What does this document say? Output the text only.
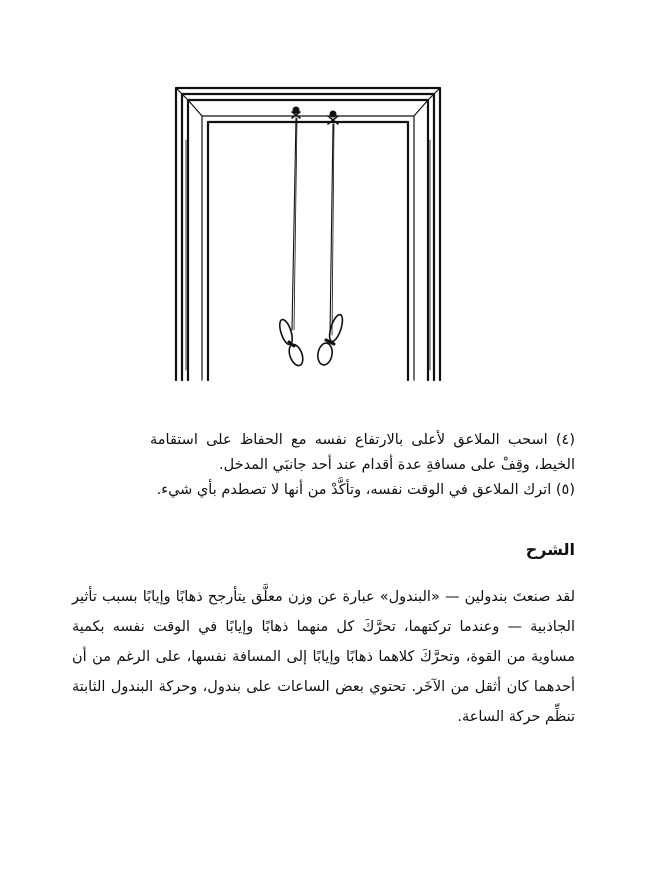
(٤) اسحب الملاعق لأعلى بالارتفاع نفسه مع الحفاظ على استقامة الخيط، وقِفْ على مسافةِ عدة أقدام عند أحد جانبَي المدخل.

(٥) اترك الملاعق في الوقت نفسه، وتأكَّدْ من أنها لا تصطدم بأي شيء.

الشرح

لقد صنعتَ بندولين — «البندول» عبارة عن وزن معلَّق يتأرجح ذهابًا وإيابًا بسبب تأثير الجاذبية — وعندما تركتهما، تحرَّكَ كل منهما ذهابًا وإيابًا في الوقت نفسه بكمية مساوية من القوة، وتحرَّكَ كلاهما ذهابًا وإيابًا إلى المسافة نفسها، على الرغم من أن أحدهما كان أثقل من الآخَر. تحتوي بعض الساعات على بندول، وحركة البندول الثابتة تنظِّم حركة الساعة.
